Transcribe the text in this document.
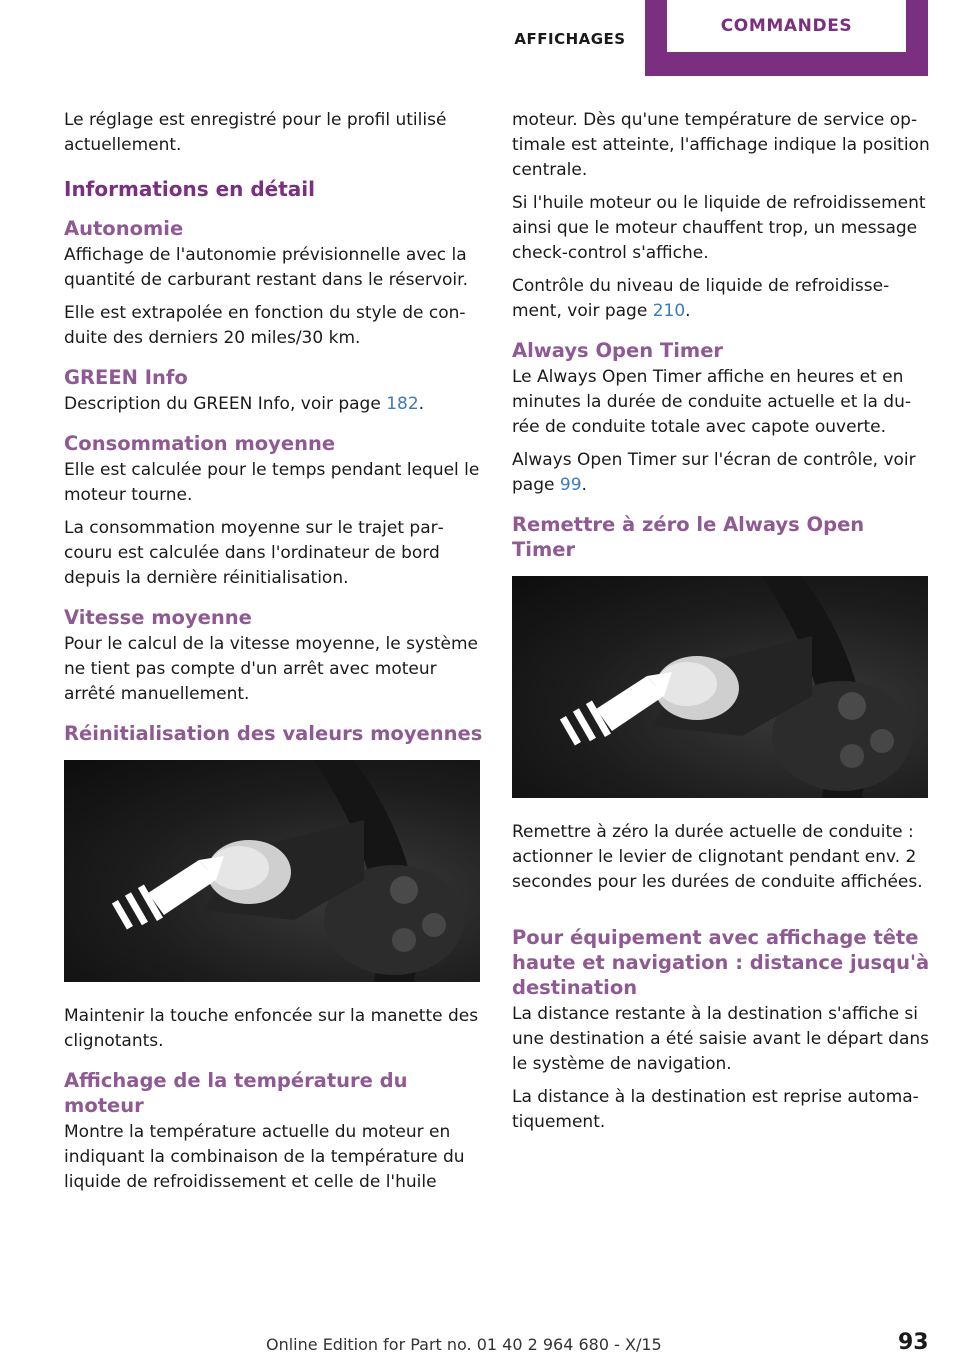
AFFICHAGES
COMMANDES

Le réglage est enregistré pour le profil utilisé actuellement.

Informations en détail
Autonomie

Affichage de l'autonomie prévisionnelle avec la quantité de carburant restant dans le réservoir.

Elle est extrapolée en fonction du style de conduite des derniers 20 miles/30 km.

GREEN Info

Description du GREEN Info, voir page 182.

Consommation moyenne

Elle est calculée pour le temps pendant lequel le moteur tourne.

La consommation moyenne sur le trajet parcouru est calculée dans l'ordinateur de bord depuis la dernière réinitialisation.

Vitesse moyenne

Pour le calcul de la vitesse moyenne, le système ne tient pas compte d'un arrêt avec moteur arrêté manuellement.

Réinitialisation des valeurs moyennes

Maintenir la touche enfoncée sur la manette des clignotants.

Affichage de la température du moteur

Montre la température actuelle du moteur en indiquant la combinaison de la température du liquide de refroidissement et celle de l'huile

moteur. Dès qu'une température de service optimale est atteinte, l'affichage indique la position centrale.

Si l'huile moteur ou le liquide de refroidissement ainsi que le moteur chauffent trop, un message check-control s'affiche.

Contrôle du niveau de liquide de refroidissement, voir page 210.

Always Open Timer

Le Always Open Timer affiche en heures et en minutes la durée de conduite actuelle et la durée de conduite totale avec capote ouverte.

Always Open Timer sur l'écran de contrôle, voir page 99.

Remettre à zéro le Always Open Timer

Remettre à zéro la durée actuelle de conduite : actionner le levier de clignotant pendant env. 2 secondes pour les durées de conduite affichées.

Pour équipement avec affichage tête haute et navigation : distance jusqu'à destination

La distance restante à la destination s'affiche si une destination a été saisie avant le départ dans le système de navigation.

La distance à la destination est reprise automatiquement.

Online Edition for Part no. 01 40 2 964 680 - X/15	93
